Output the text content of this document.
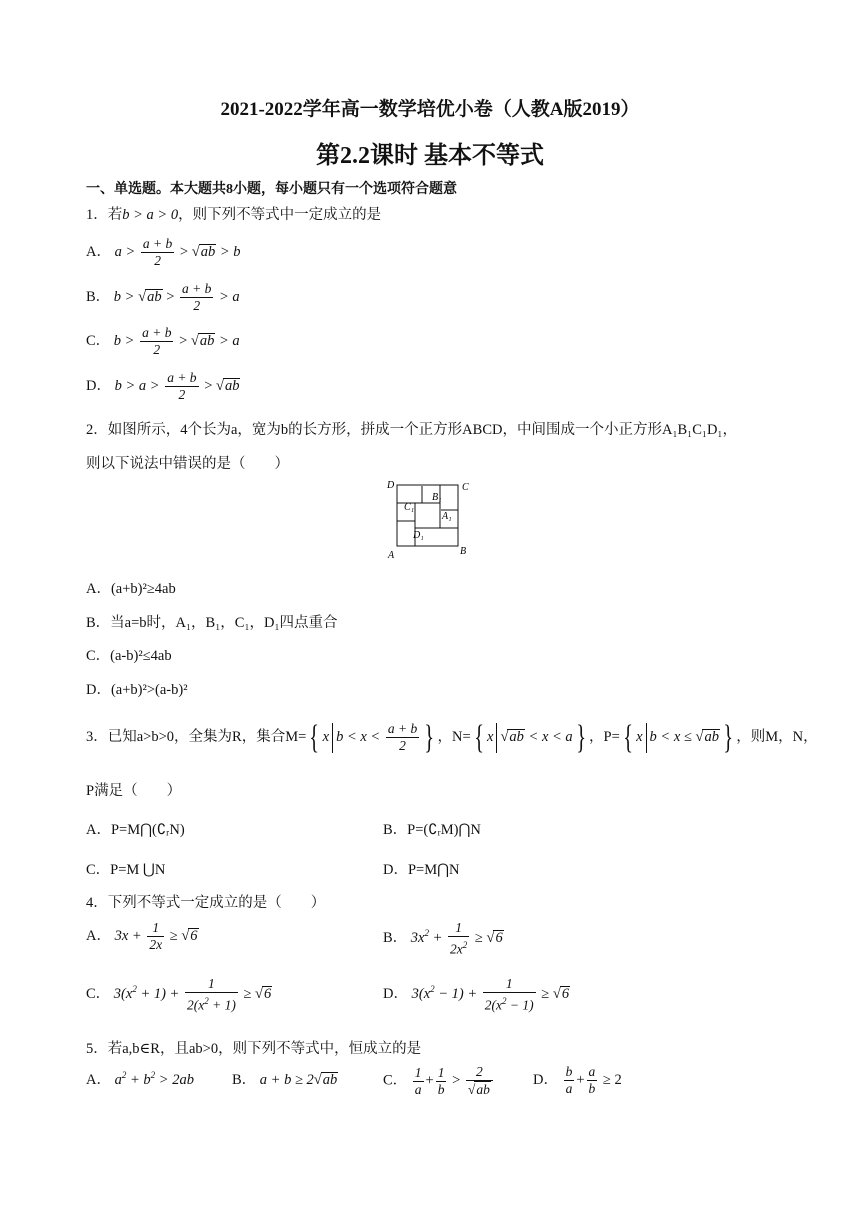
2021-2022学年高一数学培优小卷（人教A版2019）
第2.2课时 基本不等式
一、单选题。本大题共8小题，每小题只有一个选项符合题意
1．若b > a > 0，则下列不等式中一定成立的是
A． $a > \frac{a + b}{2} > √ab > b$
B． $b > √ab > \frac{a + b}{2} > a$
C． $b > \frac{a + b}{2} > √ab > a$
D． $b > a > \frac{a + b}{2} > √ab$
2．如图所示，4个长为a，宽为b的长方形，拼成一个正方形ABCD，中间围成一个小正方形A₁B₁C₁D₁，
则以下说法中错误的是（　　）
D	C
A	B
B₁
C₁
A₁
D₁
A．(a+b)²≥4ab
B．当a=b时，A₁，B₁，C₁，D₁四点重合
C．(a-b)²≤4ab
D．(a+b)²>(a-b)²
3．已知a>b>0，全集为R，集合M={ x $b < x < \frac{a + b}{2}$ } ，N={ x √ab < x < a} ，P={ x b < x ≤ √ab } ，则M，N，
P满足（　　）
A．P=M⋂(∁ᵣN)	B．P=(∁ᵣM)⋂N
C．P=M ⋃N	D．P=M⋂N
4．下列不等式一定成立的是（　　）
A． $3x + \frac{1}{2x} \ge √6$	B． $3x^2 + \frac{1}{2x^2} \ge √6$
C． $3(x^2 + 1) + \frac{1}{2(x^2 + 1)} \ge √6$	D． $3(x^2 - 1) + \frac{1}{2(x^2 - 1)} \ge √6$
5．若a,b∈R，且ab>0，则下列不等式中，恒成立的是
A． $a^2 + b^2 > 2ab$	B． a + b ≥ 2√ab	C． $\frac{1}{a} + \frac{1}{b} > \frac{2}{√ab}$	D． $\frac{b}{a} + \frac{a}{b} \ge 2$
